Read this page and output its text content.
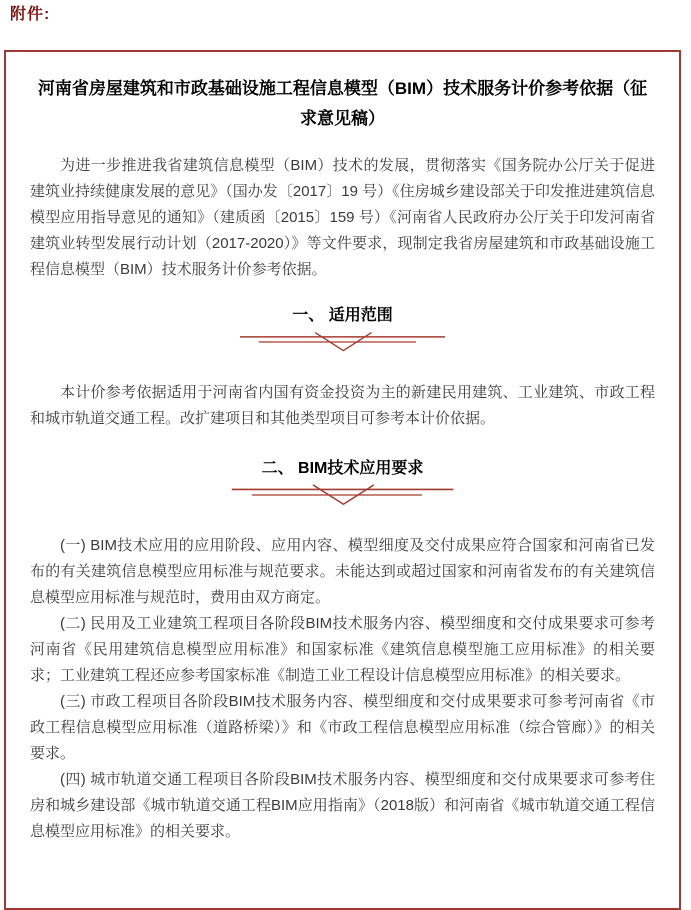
附件:
河南省房屋建筑和市政基础设施工程信息模型（BIM）技术服务计价参考依据（征求意见稿）

为进一步推进我省建筑信息模型（BIM）技术的发展，贯彻落实《国务院办公厅关于促进建筑业持续健康发展的意见》（国办发〔2017〕19 号）《住房城乡建设部关于印发推进建筑信息模型应用指导意见的通知》（建质函〔2015〕159 号）《河南省人民政府办公厅关于印发河南省建筑业转型发展行动计划（2017-2020）》等文件要求，现制定我省房屋建筑和市政基础设施工程信息模型（BIM）技术服务计价参考依据。

一、 适用范围

本计价参考依据适用于河南省内国有资金投资为主的新建民用建筑、工业建筑、市政工程和城市轨道交通工程。改扩建项目和其他类型项目可参考本计价依据。

二、 BIM技术应用要求

(一) BIM技术应用的应用阶段、应用内容、模型细度及交付成果应符合国家和河南省已发布的有关建筑信息模型应用标准与规范要求。未能达到或超过国家和河南省发布的有关建筑信息模型应用标准与规范时，费用由双方商定。

(二) 民用及工业建筑工程项目各阶段BIM技术服务内容、模型细度和交付成果要求可参考河南省《民用建筑信息模型应用标准》和国家标准《建筑信息模型施工应用标准》的相关要求；工业建筑工程还应参考国家标准《制造工业工程设计信息模型应用标准》的相关要求。

(三) 市政工程项目各阶段BIM技术服务内容、模型细度和交付成果要求可参考河南省《市政工程信息模型应用标准（道路桥梁）》和《市政工程信息模型应用标准（综合管廊）》的相关要求。

(四) 城市轨道交通工程项目各阶段BIM技术服务内容、模型细度和交付成果要求可参考住房和城乡建设部《城市轨道交通工程BIM应用指南》（2018版）和河南省《城市轨道交通工程信息模型应用标准》的相关要求。
